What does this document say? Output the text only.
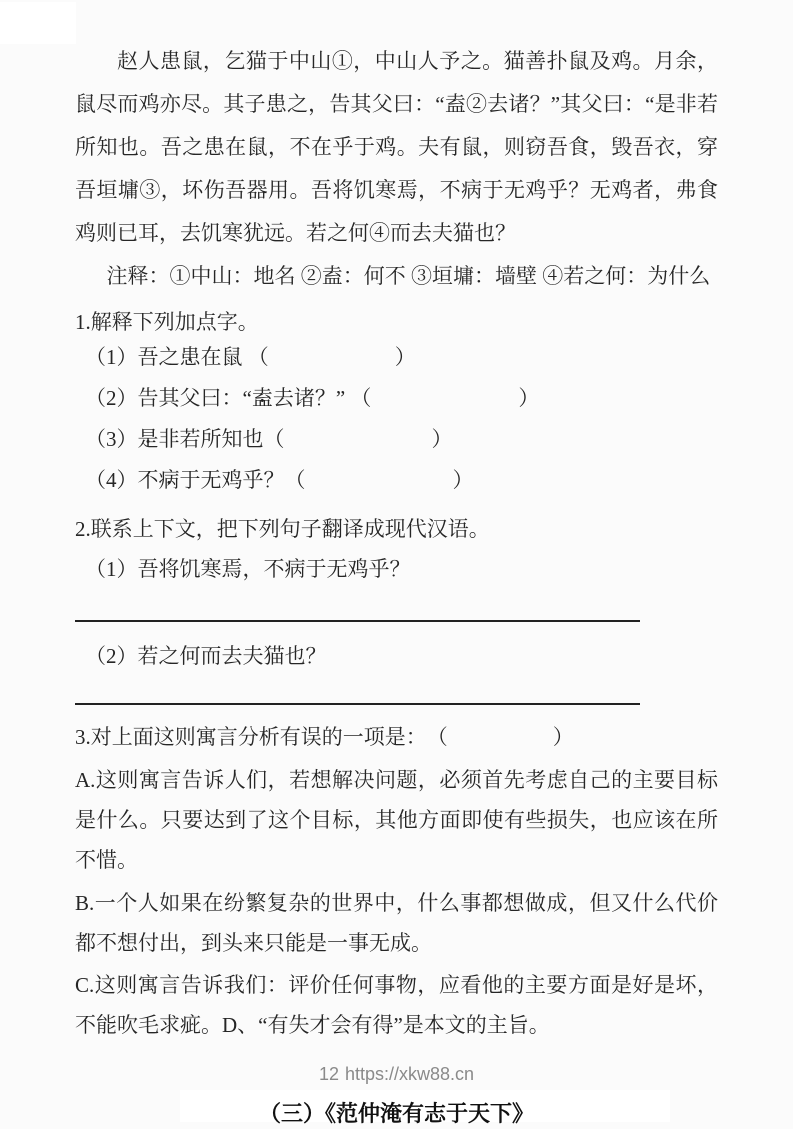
赵人患鼠，乞猫于中山①，中山人予之。猫善扑鼠及鸡。月余，鼠尽而鸡亦尽。其子患之，告其父曰：“盍②去诸？”其父曰：“是非若所知也。吾之患在鼠，不在乎于鸡。夫有鼠，则窃吾食，毁吾衣，穿吾垣墉③，坏伤吾器用。吾将饥寒焉，不病于无鸡乎？无鸡者，弗食鸡则已耳，去饥寒犹远。若之何④而去夫猫也？

注释：①中山：地名 ②盍：何不 ③垣墉：墙壁 ④若之何：为什么

1.解释下列加点字。

（1）吾之患 ·在鼠 （　　　　　　）

（2）告其父曰：“盍 ·去诸？” （　　　　　　　）

（3）是 ·非若所知也（　　　　　　　）

（4）不病 ·于无鸡乎？（　　　　　　　）

2.联系上下文，把下列句子翻译成现代汉语。

（1）吾将饥寒焉，不病于无鸡乎？

（2）若之何而去夫猫也？

3.对上面这则寓言分析有误的一项是：　（　　　　　）

A.这则寓言告诉人们，若想解决问题，必须首先考虑自己的主要目标是什么。只要达到了这个目标，其他方面即使有些损失，也应该在所不惜。

B.一个人如果在纷繁复杂的世界中，什么事都想做成，但又什么代价都不想付出，到头来只能是一事无成。

C.这则寓言告诉我们：评价任何事物，应看他的主要方面是好是坏，不能吹毛求疵。D、“有失才会有得”是本文的主旨。

（三）《范仲淹有志于天下》

12 https://xkw88.cn
